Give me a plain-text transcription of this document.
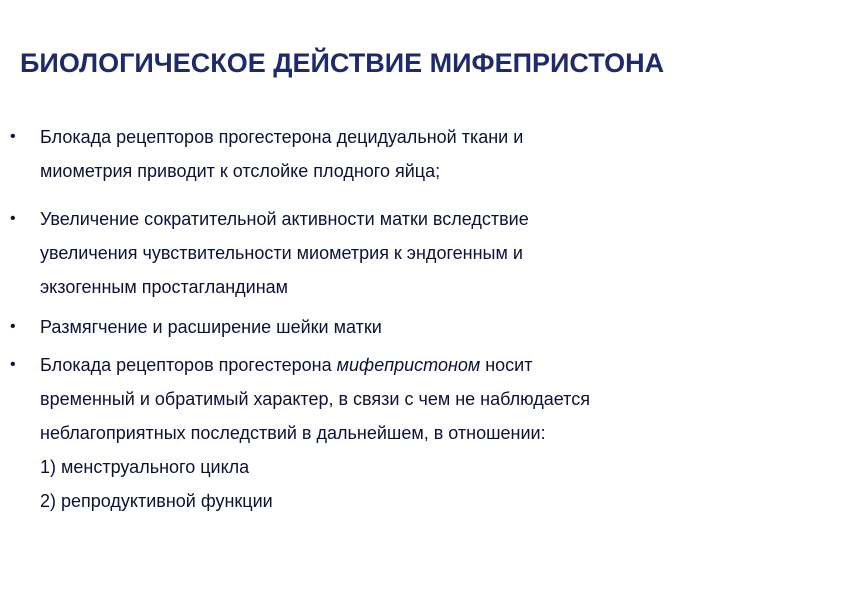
БИОЛОГИЧЕСКОЕ ДЕЙСТВИЕ МИФЕПРИСТОНА
•	Блокада рецепторов прогестерона децидуальной ткани и
миометрия приводит к отслойке плодного яйца;
•	Увеличение сократительной активности матки вследствие
увеличения чувствительности миометрия к эндогенным и
экзогенным простагландинам
•	Размягчение и расширение шейки матки
•	Блокада рецепторов прогестерона мифепристоном носит
временный и обратимый характер, в связи с чем не наблюдается
неблагоприятных последствий в дальнейшем, в отношении:
1) менструального цикла
2) репродуктивной функции
